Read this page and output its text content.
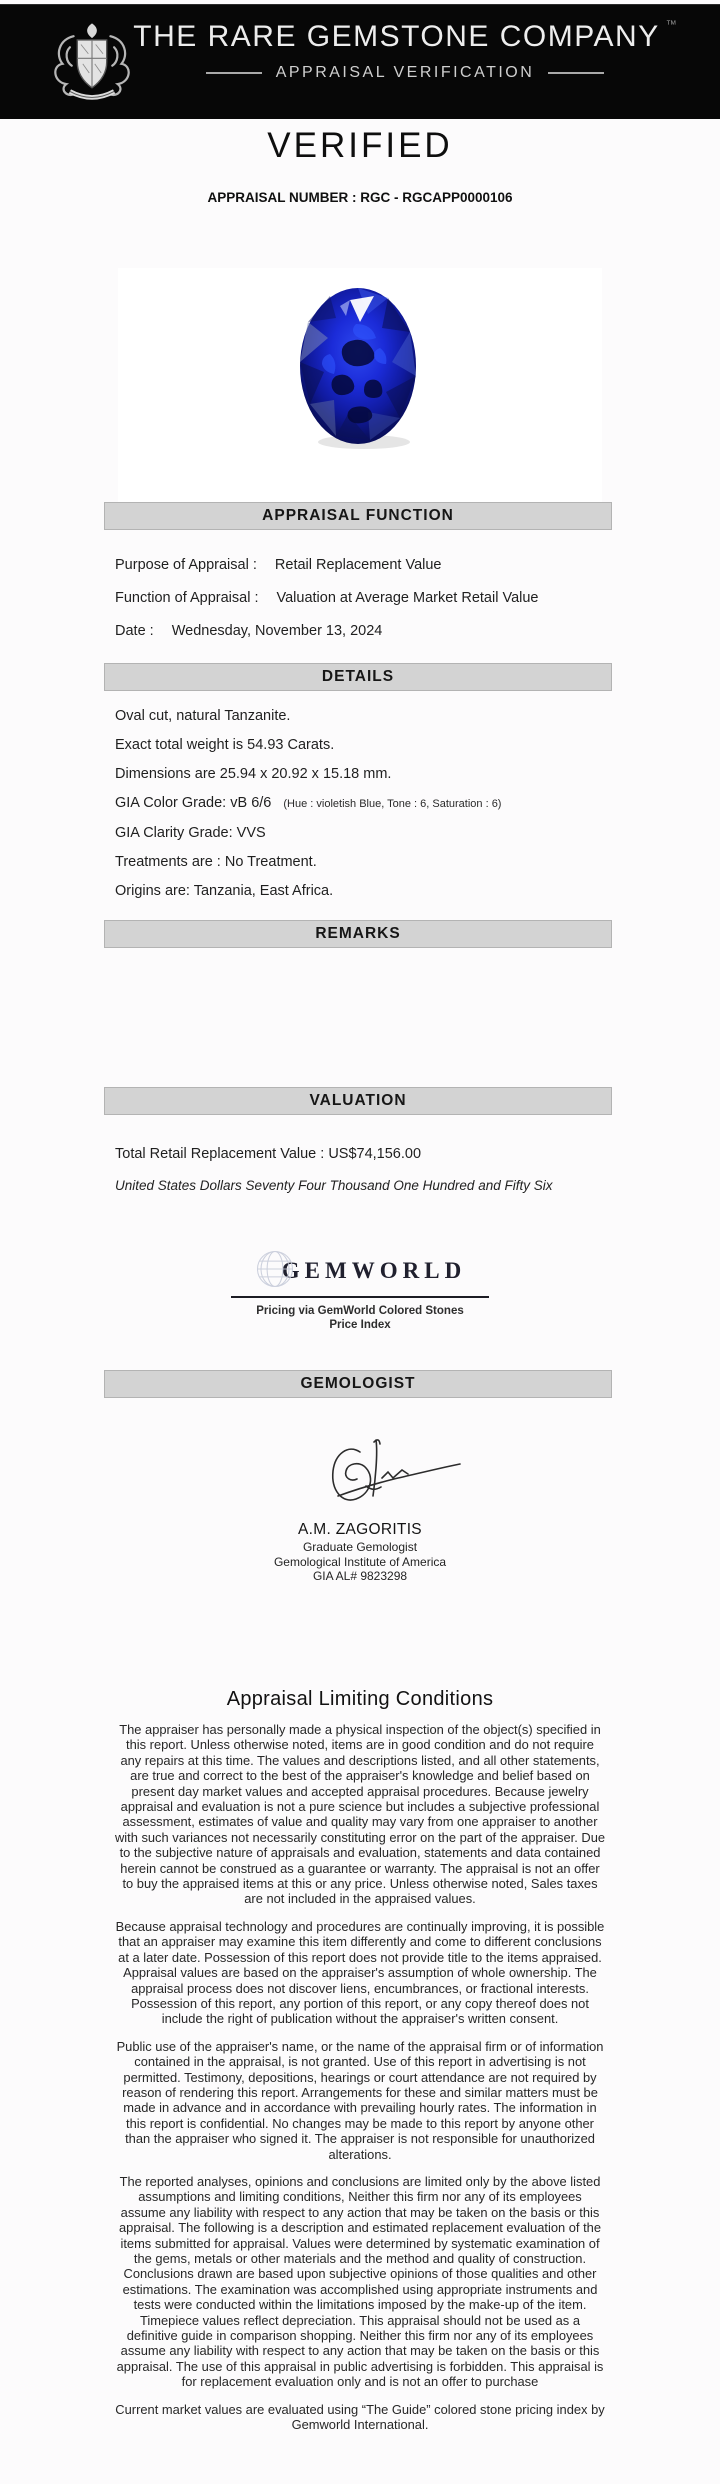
THE RARE GEMSTONE COMPANY ™
APPRAISAL VERIFICATION
VERIFIED
APPRAISAL NUMBER : RGC - RGCAPP0000106
APPRAISAL FUNCTION
Purpose of Appraisal : Retail Replacement Value
Function of Appraisal : Valuation at Average Market Retail Value
Date : Wednesday, November 13, 2024
DETAILS
Oval cut, natural Tanzanite.
Exact total weight is 54.93 Carats.
Dimensions are 25.94 x 20.92 x 15.18 mm.
GIA Color Grade: vB 6/6 (Hue : violetish Blue, Tone : 6, Saturation : 6)
GIA Clarity Grade: VVS
Treatments are : No Treatment.
Origins are: Tanzania, East Africa.
REMARKS
VALUATION
Total Retail Replacement Value : US$74,156.00
United States Dollars Seventy Four Thousand One Hundred and Fifty Six
GEMWORLD
Pricing via GemWorld Colored Stones Price Index
GEMOLOGIST
A.M. ZAGORITIS
Graduate Gemologist
Gemological Institute of America
GIA AL# 9823298
Appraisal Limiting Conditions

The appraiser has personally made a physical inspection of the object(s) specified in this report. Unless otherwise noted, items are in good condition and do not require any repairs at this time. The values and descriptions listed, and all other statements, are true and correct to the best of the appraiser's knowledge and belief based on present day market values and accepted appraisal procedures. Because jewelry appraisal and evaluation is not a pure science but includes a subjective professional assessment, estimates of value and quality may vary from one appraiser to another with such variances not necessarily constituting error on the part of the appraiser. Due to the subjective nature of appraisals and evaluation, statements and data contained herein cannot be construed as a guarantee or warranty. The appraisal is not an offer to buy the appraised items at this or any price. Unless otherwise noted, Sales taxes are not included in the appraised values.

Because appraisal technology and procedures are continually improving, it is possible that an appraiser may examine this item differently and come to different conclusions at a later date. Possession of this report does not provide title to the items appraised. Appraisal values are based on the appraiser's assumption of whole ownership. The appraisal process does not discover liens, encumbrances, or fractional interests. Possession of this report, any portion of this report, or any copy thereof does not include the right of publication without the appraiser's written consent.

Public use of the appraiser's name, or the name of the appraisal firm or of information contained in the appraisal, is not granted. Use of this report in advertising is not permitted. Testimony, depositions, hearings or court attendance are not required by reason of rendering this report. Arrangements for these and similar matters must be made in advance and in accordance with prevailing hourly rates. The information in this report is confidential. No changes may be made to this report by anyone other than the appraiser who signed it. The appraiser is not responsible for unauthorized alterations.

The reported analyses, opinions and conclusions are limited only by the above listed assumptions and limiting conditions, Neither this firm nor any of its employees assume any liability with respect to any action that may be taken on the basis or this appraisal. The following is a description and estimated replacement evaluation of the items submitted for appraisal. Values were determined by systematic examination of the gems, metals or other materials and the method and quality of construction. Conclusions drawn are based upon subjective opinions of those qualities and other estimations. The examination was accomplished using appropriate instruments and tests were conducted within the limitations imposed by the make-up of the item. Timepiece values reflect depreciation. This appraisal should not be used as a definitive guide in comparison shopping. Neither this firm nor any of its employees assume any liability with respect to any action that may be taken on the basis or this appraisal. The use of this appraisal in public advertising is forbidden. This appraisal is for replacement evaluation only and is not an offer to purchase

Current market values are evaluated using “The Guide” colored stone pricing index by Gemworld International.
